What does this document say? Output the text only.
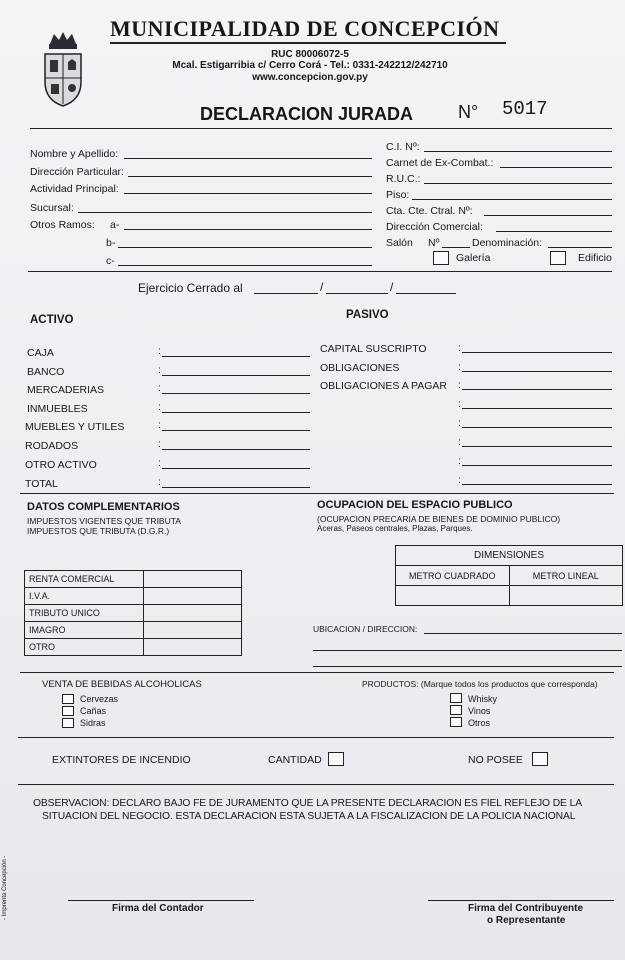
MUNICIPALIDAD DE CONCEPCIÓN
RUC 80006072-5
Mcal. Estigarribia c/ Cerro Corá - Tel.: 0331-242212/242710
www.concepcion.gov.py
DECLARACION JURADA N° 5017
Nombre y Apellido:
Dirección Particular:
Actividad Principal:
Sucursal:
Otros Ramos: a-
b-
c-
C.I. Nº:
Carnet de Ex-Combat.:
R.U.C.:
Piso:
Cta. Cte. Ctral. Nº:
Dirección Comercial:
Salón Nº	Denominación:
Galería	Edificio
Ejercicio Cerrado al	/	/
ACTIVO
CAJA	:
BANCO	:
MERCADERIAS	:
INMUEBLES	:
MUEBLES Y UTILES	:
RODADOS	:
OTRO ACTIVO	:
TOTAL	:
PASIVO
CAPITAL SUSCRIPTO	:
OBLIGACIONES	:
OBLIGACIONES A PAGAR :
:
:
:
:
:
DATOS COMPLEMENTARIOS
IMPUESTOS VIGENTES QUE TRIBUTA
IMPUESTOS QUE TRIBUTA (D.G.R.)
RENTA COMERCIAL	
I.V.A.	
TRIBUTO UNICO	
IMAGRO	
OTRO	
OCUPACION DEL ESPACIO PUBLICO
(OCUPACION PRECARIA DE BIENES DE DOMINIO PUBLICO)
Aceras, Paseos centrales, Plazas, Parques.
DIMENSIONES	
METRO CUADRADO	METRO LINEAL

UBICACION / DIRECCION:
VENTA DE BEBIDAS ALCOHOLICAS
Cervezas
Cañas
Sidras
PRODUCTOS: (Marque todos los productos que corresponda)
Whisky
Vinos
Otros
EXTINTORES DE INCENDIO	CANTIDAD	NO POSEE
OBSERVACION: DECLARO BAJO FE DE JURAMENTO QUE LA PRESENTE DECLARACION ES FIEL REFLEJO DE LA
SITUACION DEL NEGOCIO. ESTA DECLARACION ESTA SUJETA A LA FISCALIZACION DE LA POLICIA NACIONAL
- Imprenta Concepción -	Firma del Contador	Firma del Contribuyente
o Representante
